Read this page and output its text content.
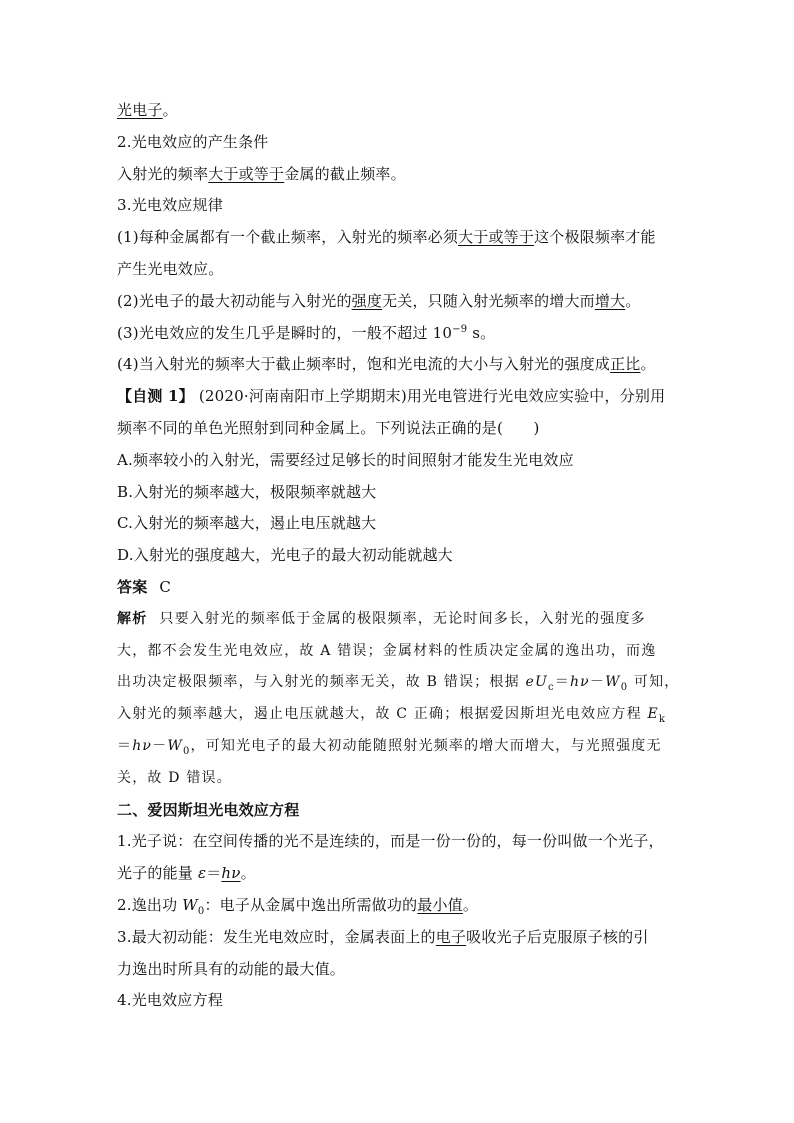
光电子。
2.光电效应的产生条件
入射光的频率大于或等于金属的截止频率。
3.光电效应规律
(1)每种金属都有一个截止频率，入射光的频率必须大于或等于这个极限频率才能
产生光电效应。
(2)光电子的最大初动能与入射光的强度无关，只随入射光频率的增大而增大。
(3)光电效应的发生几乎是瞬时的，一般不超过 $10^{-9}$ s。
(4)当入射光的频率大于截止频率时，饱和光电流的大小与入射光的强度成正比。
【自测 1】 (2020·河南南阳市上学期期末)用光电管进行光电效应实验中，分别用
频率不同的单色光照射到同种金属上。下列说法正确的是(　　)
A.频率较小的入射光，需要经过足够长的时间照射才能发生光电效应
B.入射光的频率越大，极限频率就越大
C.入射光的频率越大，遏止电压就越大
D.入射光的强度越大，光电子的最大初动能就越大
答案 C
解析 只要入射光的频率低于金属的极限频率，无论时间多长，入射光的强度多
大，都不会发生光电效应，故 A 错误；金属材料的性质决定金属的逸出功，而逸
出功决定极限频率，与入射光的频率无关，故 B 错误；根据 $eU_c=h\nu-W_0$ 可知，
入射光的频率越大，遏止电压就越大，故 C 正确；根据爱因斯坦光电效应方程 $E_k$
$=h\nu-W_0$，可知光电子的最大初动能随照射光频率的增大而增大，与光照强度无
关，故 D 错误。
二、爱因斯坦光电效应方程
1.光子说：在空间传播的光不是连续的，而是一份一份的，每一份叫做一个光子，
光子的能量 ε＝hν。
2.逸出功 $W_0$：电子从金属中逸出所需做功的最小值。
3.最大初动能：发生光电效应时，金属表面上的电子吸收光子后克服原子核的引
力逸出时所具有的动能的最大值。
4.光电效应方程
